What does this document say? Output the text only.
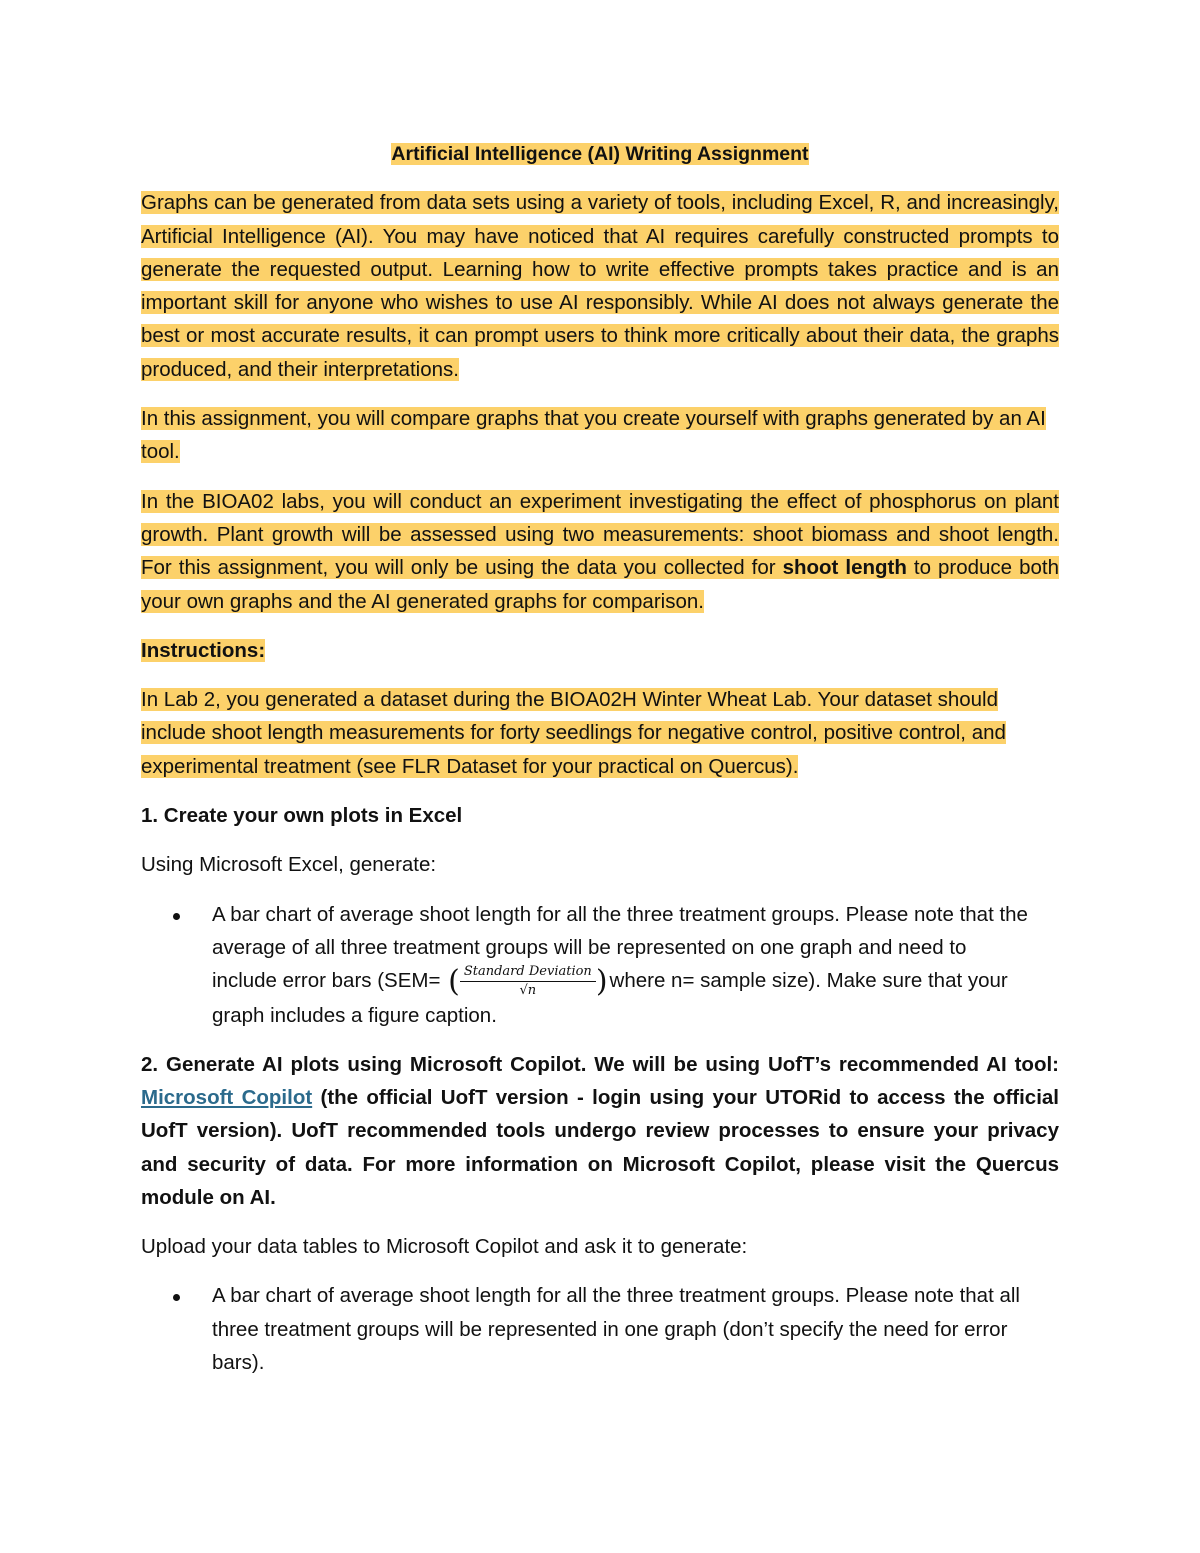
Artificial Intelligence (AI) Writing Assignment

Graphs can be generated from data sets using a variety of tools, including Excel, R, and increasingly, Artificial Intelligence (AI). You may have noticed that AI requires carefully constructed prompts to generate the requested output. Learning how to write effective prompts takes practice and is an important skill for anyone who wishes to use AI responsibly. While AI does not always generate the best or most accurate results, it can prompt users to think more critically about their data, the graphs produced, and their interpretations.

In this assignment, you will compare graphs that you create yourself with graphs generated by an AI tool.

In the BIOA02 labs, you will conduct an experiment investigating the effect of phosphorus on plant growth. Plant growth will be assessed using two measurements: shoot biomass and shoot length. For this assignment, you will only be using the data you collected for shoot length to produce both your own graphs and the AI generated graphs for comparison.

Instructions:

In Lab 2, you generated a dataset during the BIOA02H Winter Wheat Lab. Your dataset should include shoot length measurements for forty seedlings for negative control, positive control, and experimental treatment (see FLR Dataset for your practical on Quercus).

1. Create your own plots in Excel

Using Microsoft Excel, generate:

A bar chart of average shoot length for all the three treatment groups. Please note that the average of all three treatment groups will be represented on one graph and need to include error bars (SEM= ( $\frac{\text{Standard Deviation}}{√n}$ )where n= sample size). Make sure that your graph includes a figure caption.

2. Generate AI plots using Microsoft Copilot. We will be using UofT’s recommended AI tool: Microsoft Copilot (the official UofT version - login using your UTORid to access the official UofT version). UofT recommended tools undergo review processes to ensure your privacy and security of data. For more information on Microsoft Copilot, please visit the Quercus module on AI.

Upload your data tables to Microsoft Copilot and ask it to generate:

A bar chart of average shoot length for all the three treatment groups. Please note that all three treatment groups will be represented in one graph (don’t specify the need for error bars).
